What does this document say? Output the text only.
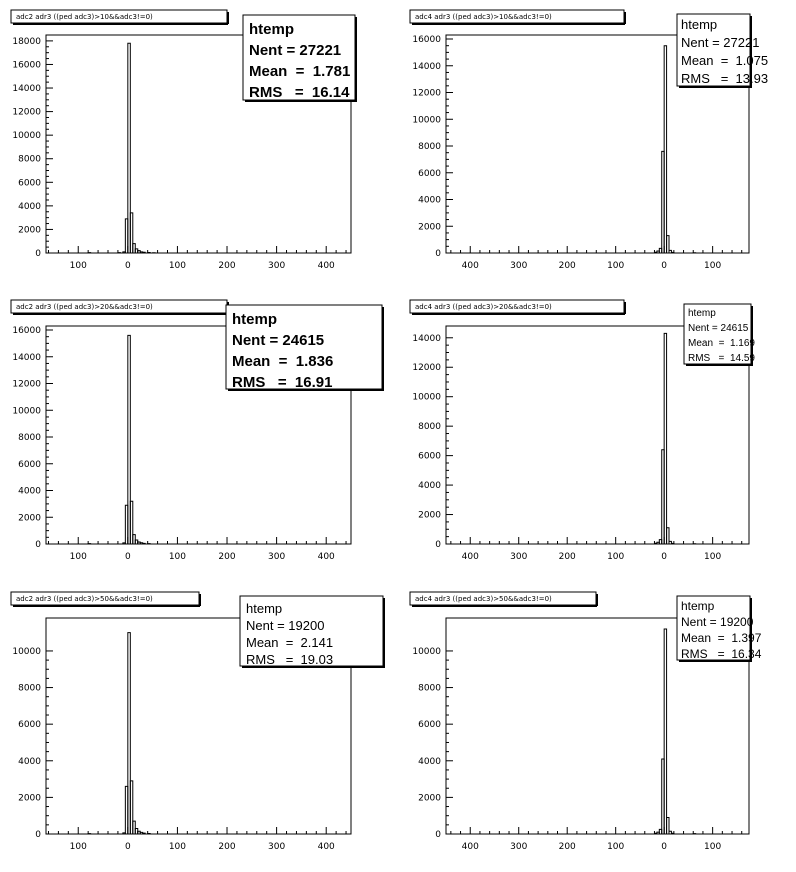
0
2000
4000
6000
8000
10000
12000
14000
16000
18000
100	0	100	200	300	400
adc2 adr3 ((ped adc3)>10&&adc3!=0)
htemp
Nent = 27221
Mean  =  1.781
RMS   =  16.14
0
2000
4000
6000
8000
10000
12000
14000
16000
400	300	200	100	0	100
adc4 adr3 ((ped adc3)>10&&adc3!=0)	htemp
Nent = 27221
Mean  =  1.075
RMS   =  13.93
0
2000
4000
6000
8000
10000
12000
14000
16000
100	0	100	200	300	400
adc2 adr3 ((ped adc3)>20&&adc3!=0)
htemp
Nent = 24615
Mean  =  1.836
RMS   =  16.91
0
2000
4000
6000
8000
10000
12000
14000
400	300	200	100	0	100
adc4 adr3 ((ped adc3)>20&&adc3!=0)
htemp
Nent = 24615
Mean  =  1.169
RMS   =  14.59
0
2000
4000
6000
8000
10000
100	0	100	200	300	400
adc2 adr3 ((ped adc3)>50&&adc3!=0)
htemp
Nent = 19200
Mean  =  2.141
RMS   =  19.03
0
2000
4000
6000
8000
10000
400	300	200	100	0	100
adc4 adr3 ((ped adc3)>50&&adc3!=0)	htemp
Nent = 19200
Mean  =  1.397
RMS   =  16.34
